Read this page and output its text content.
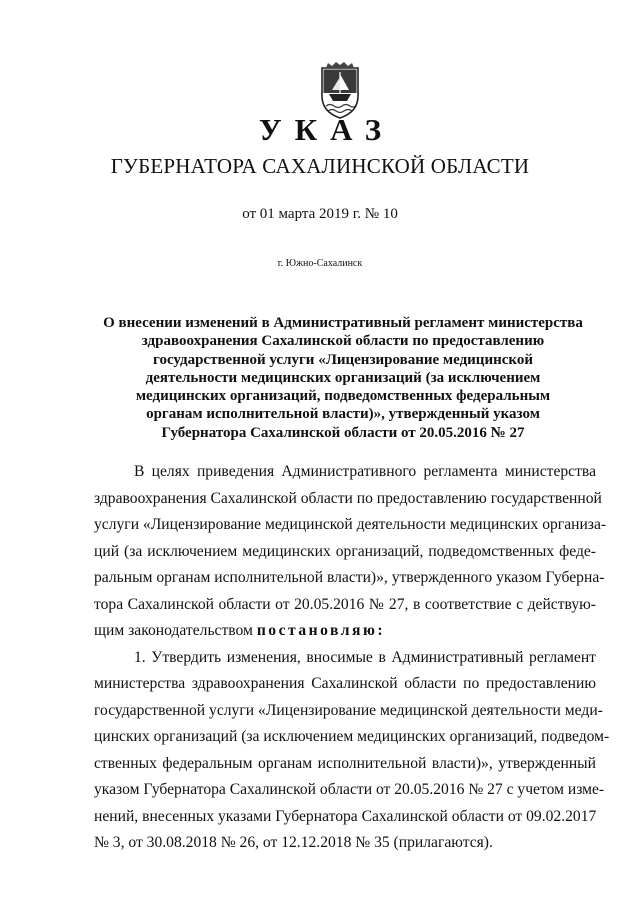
УКАЗ
ГУБЕРНАТОРА САХАЛИНСКОЙ ОБЛАСТИ
от 01 марта 2019 г. № 10
г. Южно-Сахалинск
О внесении изменений в Административный регламент министерства
здравоохранения Сахалинской области по предоставлению
государственной услуги «Лицензирование медицинской
деятельности медицинских организаций (за исключением
медицинских организаций, подведомственных федеральным
органам исполнительной власти)», утвержденный указом
Губернатора Сахалинской области от 20.05.2016 № 27
В целях приведения Административного регламента министерства
здравоохранения Сахалинской области по предоставлению государственной
услуги «Лицензирование медицинской деятельности медицинских организа-
ций (за исключением медицинских организаций, подведомственных феде-
ральным органам исполнительной власти)», утвержденного указом Губерна-
тора Сахалинской области от 20.05.2016 № 27, в соответствие с действую-
щим законодательством постановляю:
1. Утвердить изменения, вносимые в Административный регламент
министерства здравоохранения Сахалинской области по предоставлению
государственной услуги «Лицензирование медицинской деятельности меди-
цинских организаций (за исключением медицинских организаций, подведом-
ственных федеральным органам исполнительной власти)», утвержденный
указом Губернатора Сахалинской области от 20.05.2016 № 27 с учетом изме-
нений, внесенных указами Губернатора Сахалинской области от 09.02.2017
№ 3, от 30.08.2018 № 26, от 12.12.2018 № 35 (прилагаются).
